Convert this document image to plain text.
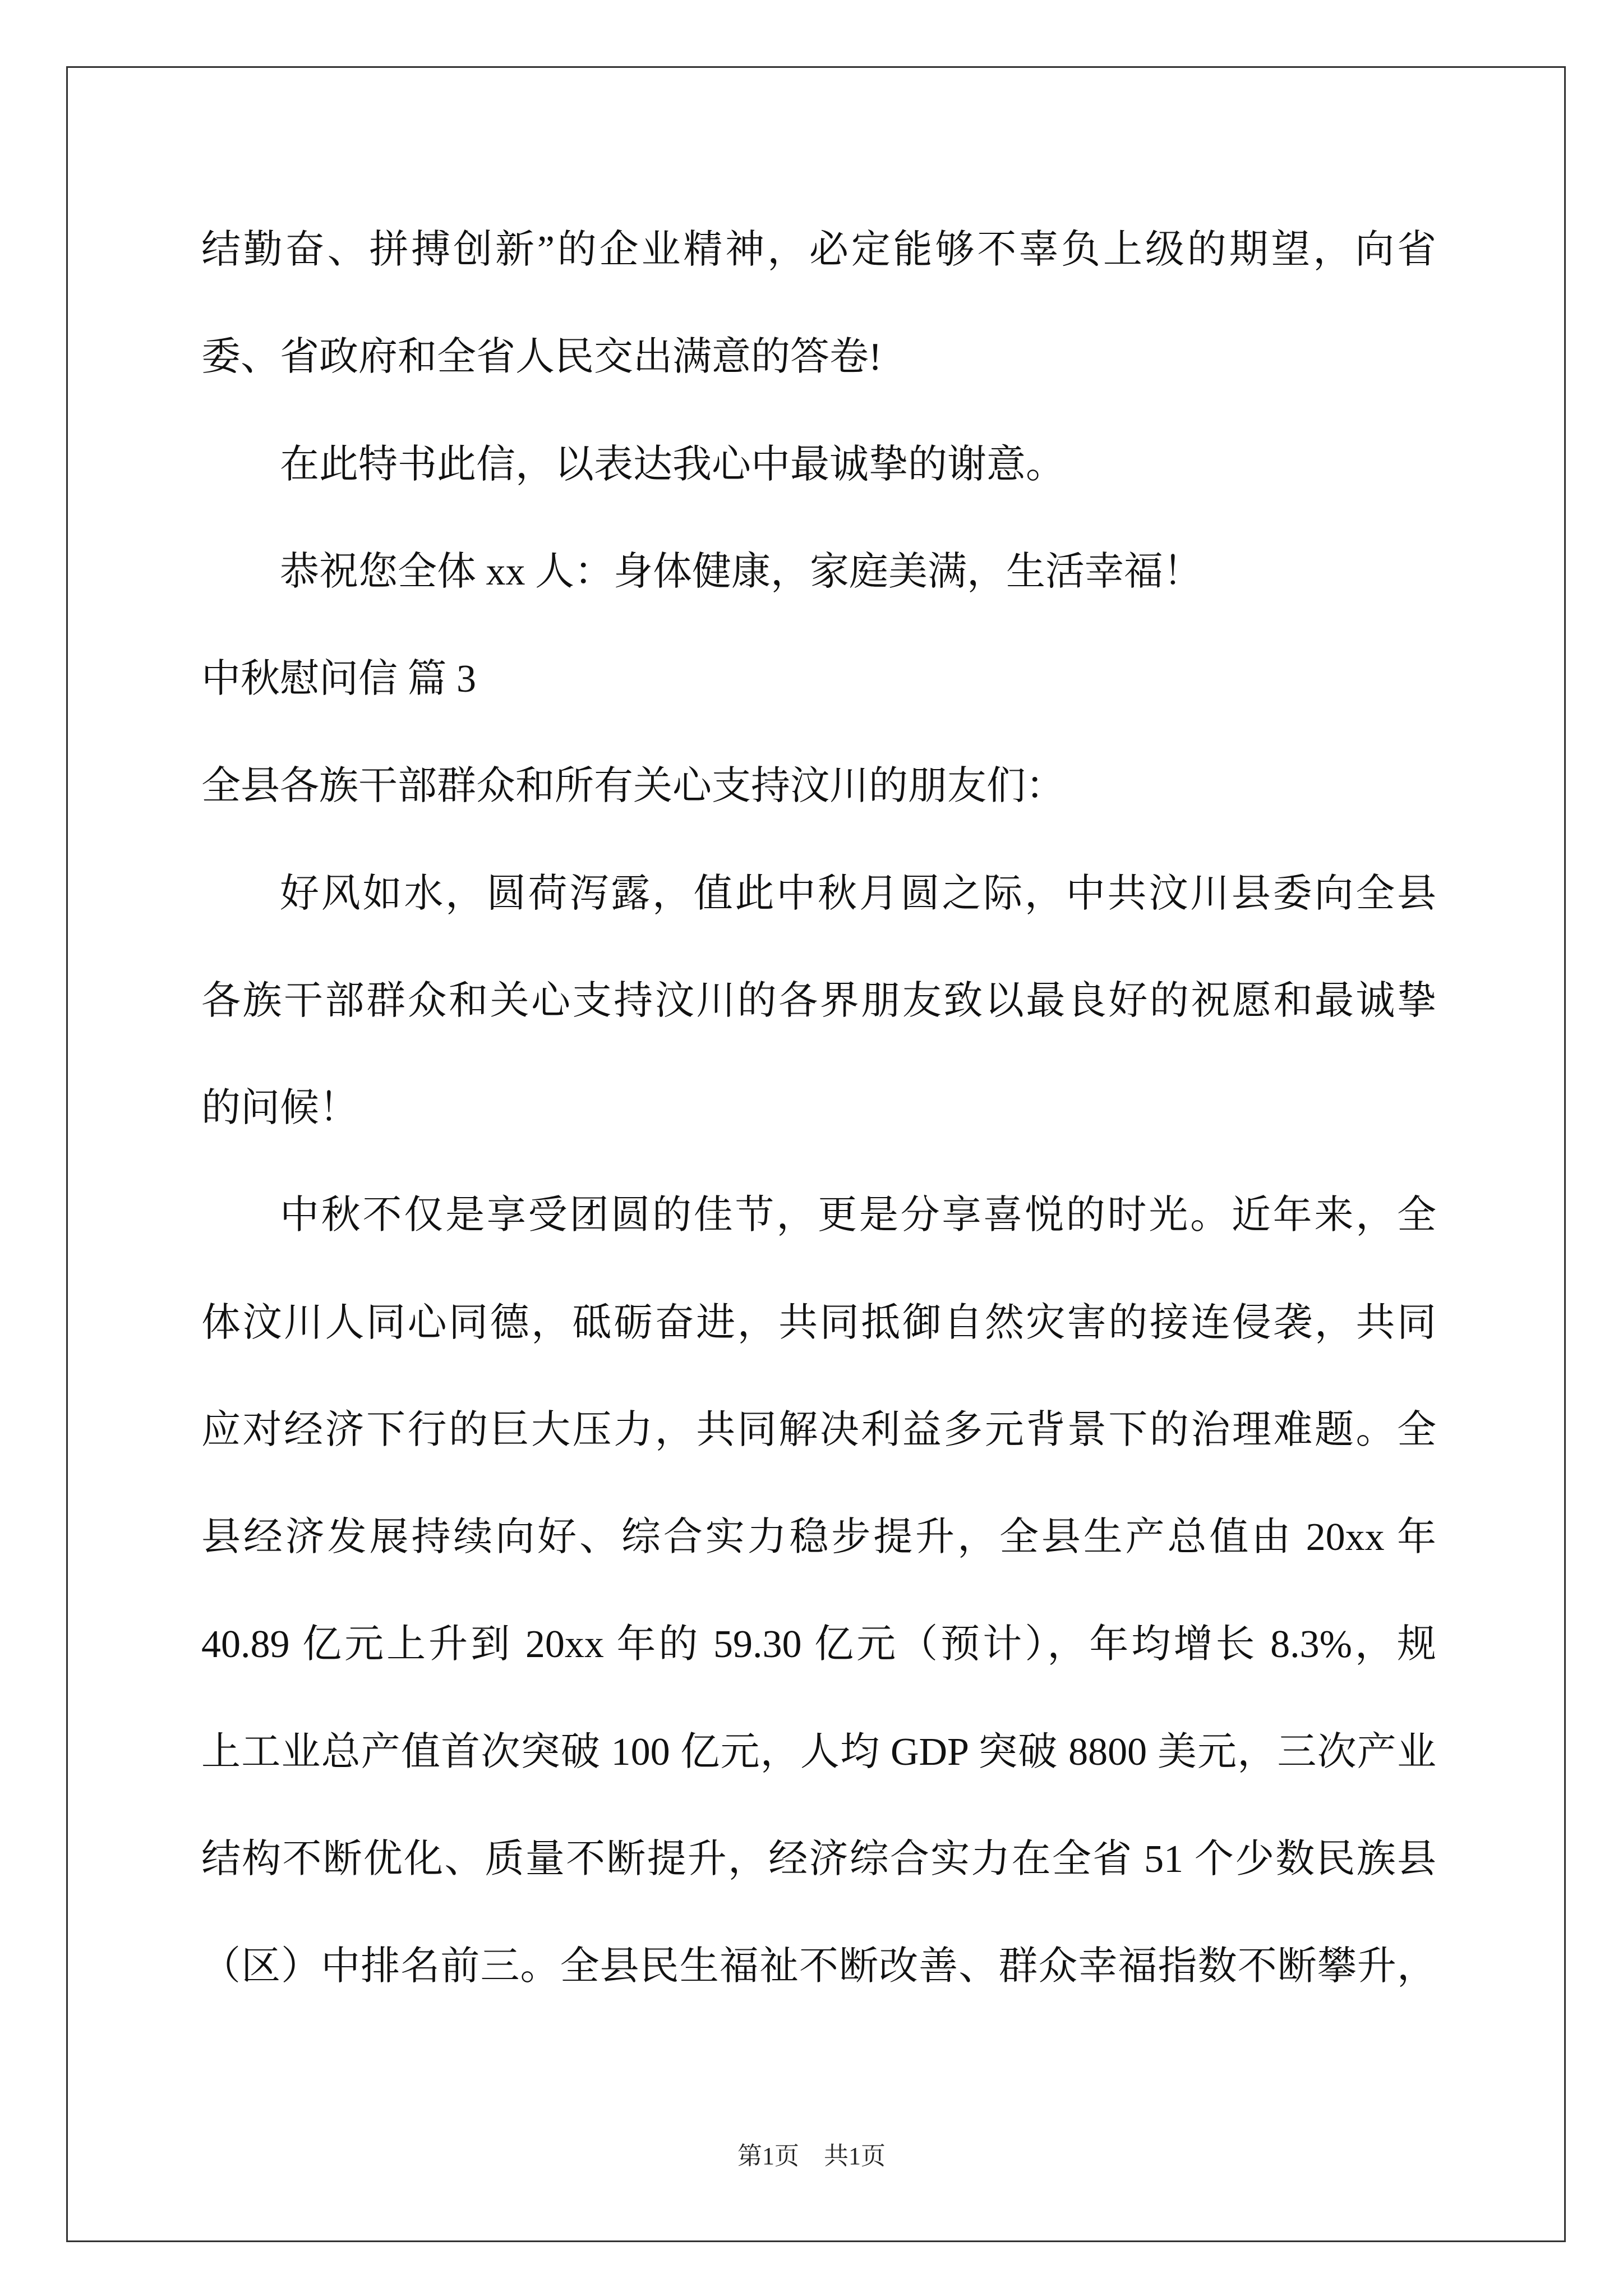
结勤奋、拼搏创新”的企业精神，必定能够不辜负上级的期望，向省
委、省政府和全省人民交出满意的答卷!
在此特书此信，以表达我心中最诚挚的谢意。
恭祝您全体 xx 人：身体健康，家庭美满，生活幸福！
中秋慰问信 篇 3
全县各族干部群众和所有关心支持汶川的朋友们：
好风如水，圆荷泻露，值此中秋月圆之际，中共汶川县委向全县
各族干部群众和关心支持汶川的各界朋友致以最良好的祝愿和最诚挚
的问候！
中秋不仅是享受团圆的佳节，更是分享喜悦的时光。近年来，全
体汶川人同心同德，砥砺奋进，共同抵御自然灾害的接连侵袭，共同
应对经济下行的巨大压力，共同解决利益多元背景下的治理难题。全
县经济发展持续向好、综合实力稳步提升，全县生产总值由 20xx 年
40.89 亿元上升到 20xx 年的 59.30 亿元（预计），年均增长 8.3%，规
上工业总产值首次突破 100 亿元，人均 GDP 突破 8800 美元，三次产业
结构不断优化、质量不断提升，经济综合实力在全省 51 个少数民族县
（区）中排名前三。全县民生福祉不断改善、群众幸福指数不断攀升，
第1页　共1页
